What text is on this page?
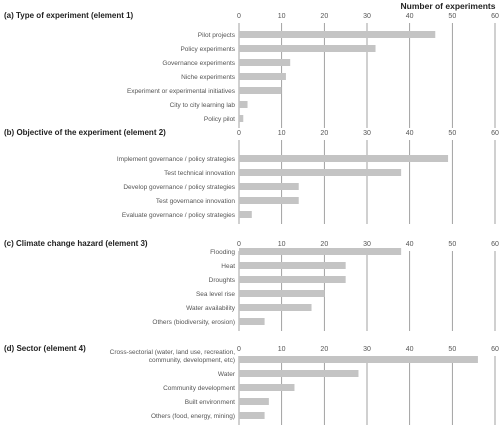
Number of experiments
(a) Type of experiment (element 1)	0	10	20	30	40	50	60
Pilot projects
Policy experiments
Governance experiments
Niche experiments
Experiment or experimental initiatives
City to city learning lab
Policy pilot
(b) Objective of the experiment (element 2)	0	10	20	30	40	50	60
Implement governance / policy strategies
Test technical innovation
Develop governance / policy strategies
Test governance innovation
Evaluate governance / policy strategies
(c) Climate change hazard (element 3)	0	10	20	30	40	50	60
Flooding
Heat
Droughts
Sea level rise
Water availability
Others (biodiversity, erosion)
(d) Sector (element 4)	0	10	20	30	40	50	60
Cross-sectorial (water, land use, recreation,
community, development, etc)
Water
Community development
Built environment
Others (food, energy, mining)
